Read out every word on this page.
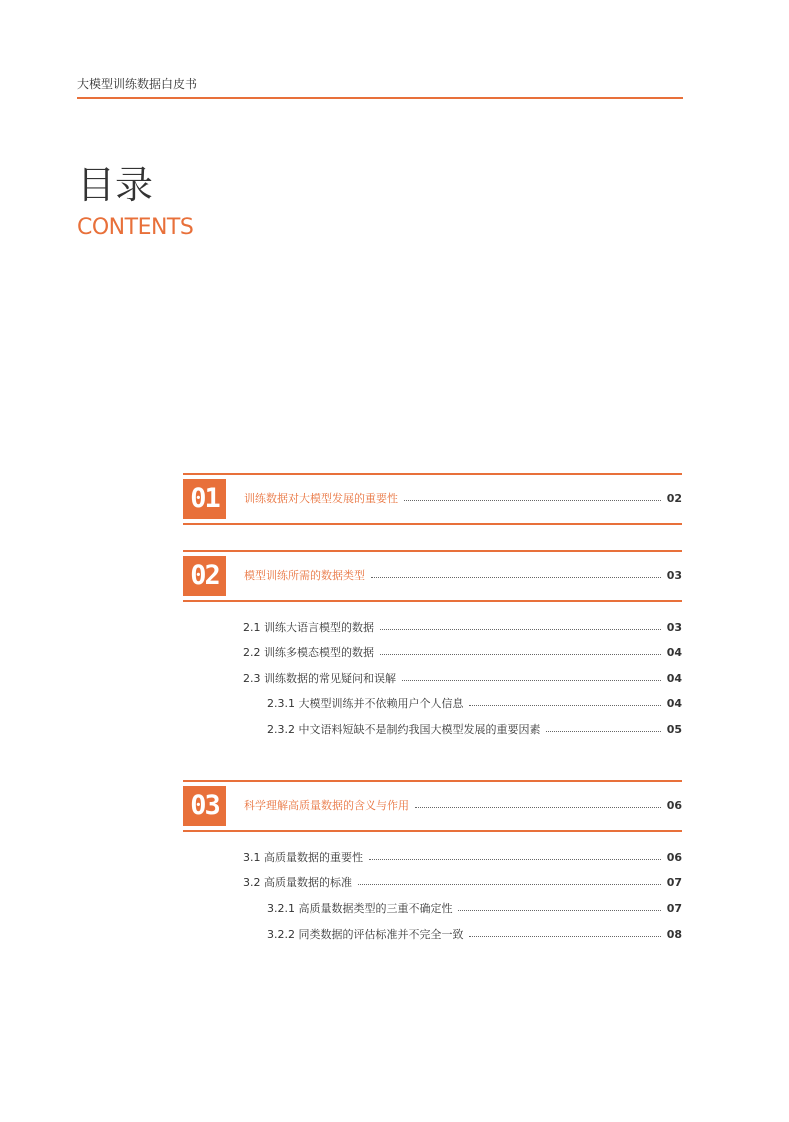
大模型训练数据白皮书
目录
CONTENTS
01	训练数据对大模型发展的重要性	02
02	模型训练所需的数据类型	03
2.1 训练大语言模型的数据	03
2.2 训练多模态模型的数据	04
2.3 训练数据的常见疑问和误解	04
2.3.1 大模型训练并不依赖用户个人信息	04
2.3.2 中文语料短缺不是制约我国大模型发展的重要因素	05
03	科学理解高质量数据的含义与作用	06
3.1 高质量数据的重要性	06
3.2 高质量数据的标准	07
3.2.1 高质量数据类型的三重不确定性	07
3.2.2 同类数据的评估标准并不完全一致	08
